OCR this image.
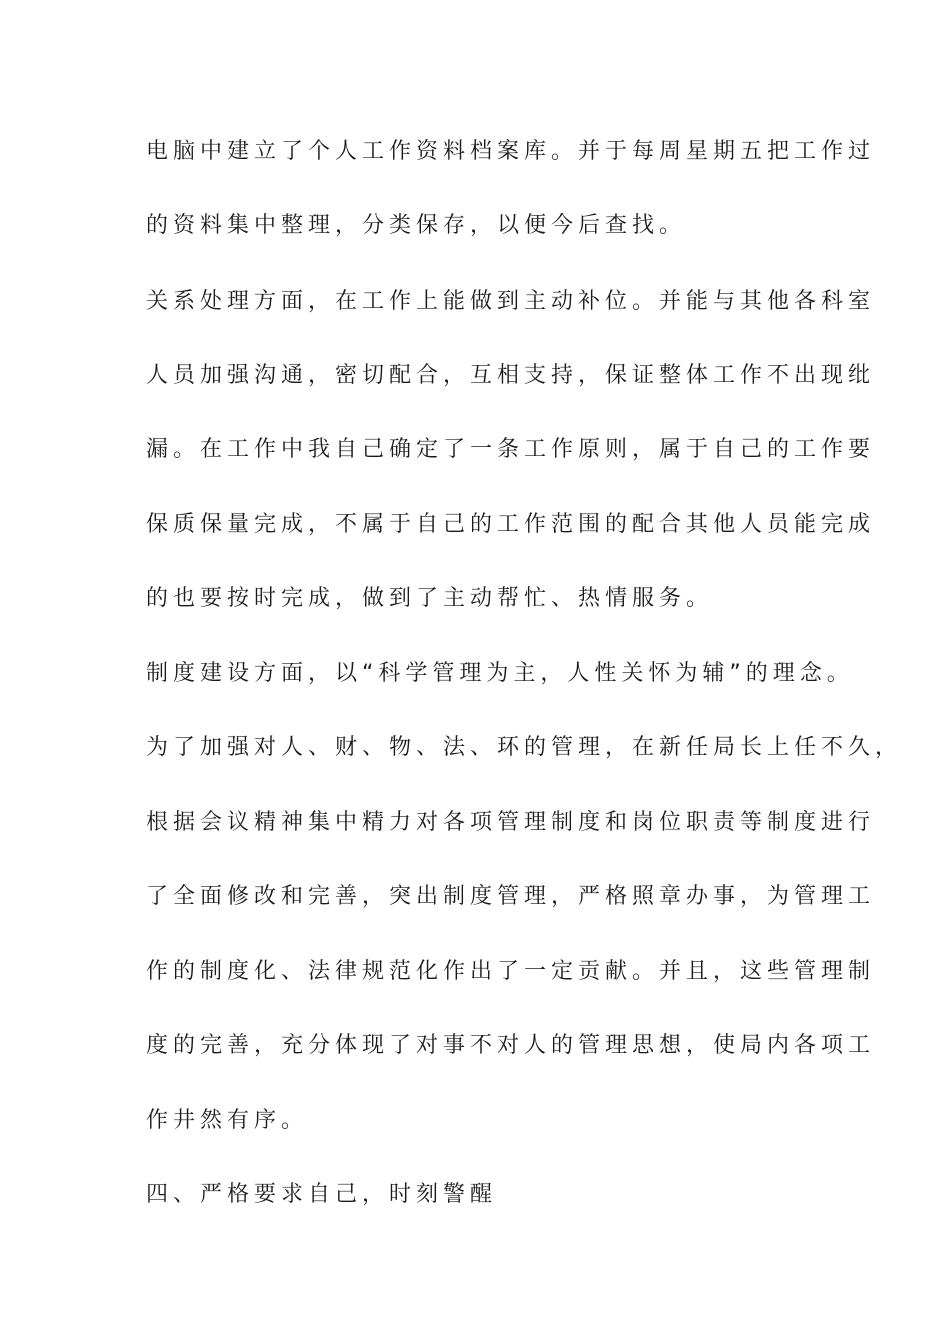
电脑中建立了个人工作资料档案库。并于每周星期五把工作过

的资料集中整理，分类保存，以便今后查找。

关系处理方面，在工作上能做到主动补位。并能与其他各科室

人员加强沟通，密切配合，互相支持，保证整体工作不出现纰

漏。在工作中我自己确定了一条工作原则，属于自己的工作要

保质保量完成，不属于自己的工作范围的配合其他人员能完成

的也要按时完成，做到了主动帮忙、热情服务。

制度建设方面，以“科学管理为主，人性关怀为辅”的理念。

为了加强对人、财、物、法、环的管理，在新任局长上任不久，

根据会议精神集中精力对各项管理制度和岗位职责等制度进行

了全面修改和完善，突出制度管理，严格照章办事，为管理工

作的制度化、法律规范化作出了一定贡献。并且，这些管理制

度的完善，充分体现了对事不对人的管理思想，使局内各项工

作井然有序。

四、严格要求自己，时刻警醒
